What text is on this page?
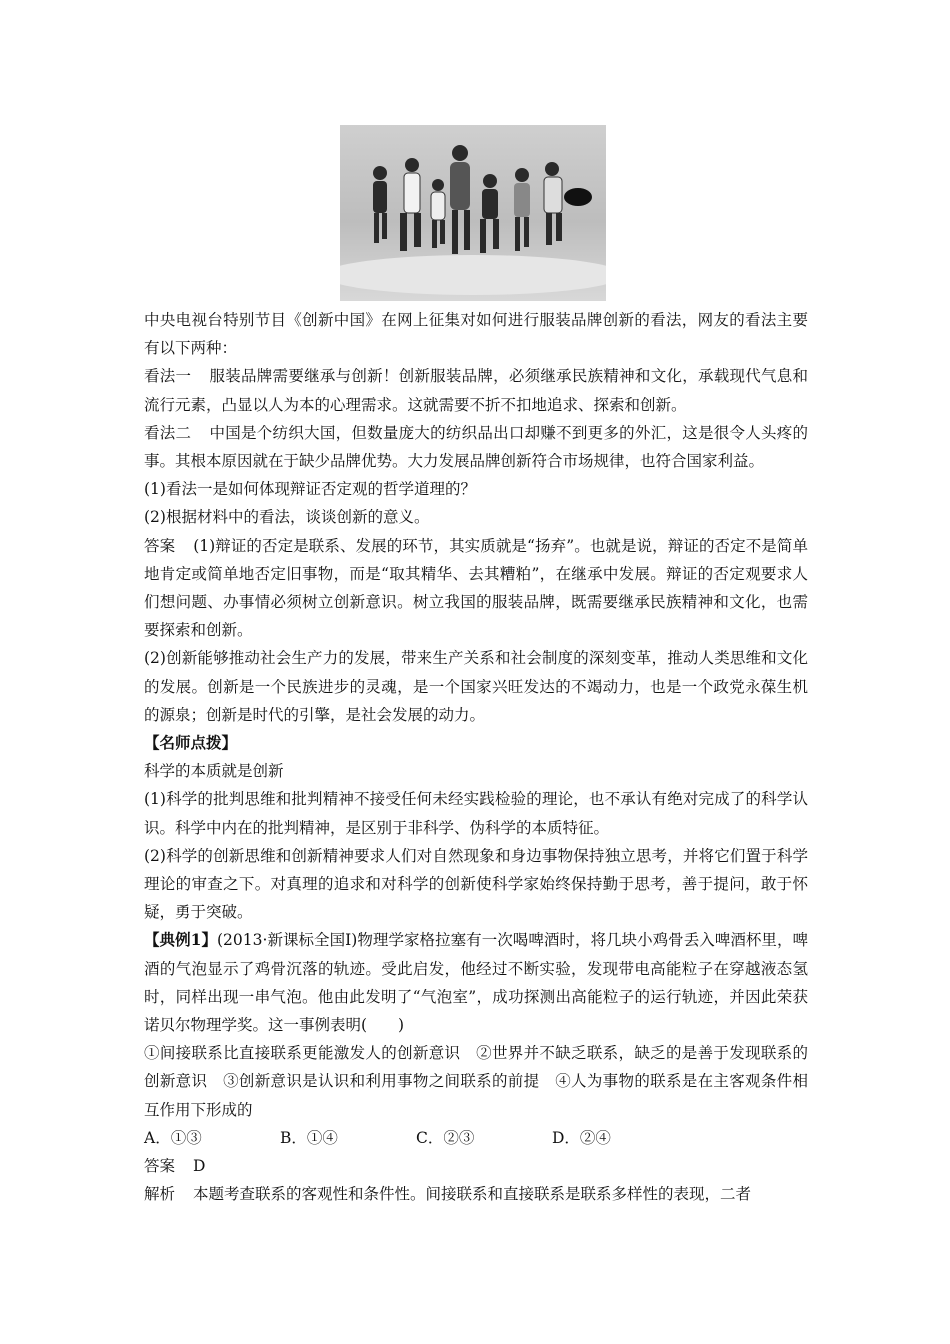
中央电视台特别节目《创新中国》在网上征集对如何进行服装品牌创新的看法，网友的看法主要有以下两种：

看法一 服装品牌需要继承与创新！创新服装品牌，必须继承民族精神和文化，承载现代气息和流行元素，凸显以人为本的心理需求。这就需要不折不扣地追求、探索和创新。

看法二 中国是个纺织大国，但数量庞大的纺织品出口却赚不到更多的外汇，这是很令人头疼的事。其根本原因就在于缺少品牌优势。大力发展品牌创新符合市场规律，也符合国家利益。

(1)看法一是如何体现辩证否定观的哲学道理的？

(2)根据材料中的看法，谈谈创新的意义。

答案 (1)辩证的否定是联系、发展的环节，其实质就是“扬弃”。也就是说，辩证的否定不是简单地肯定或简单地否定旧事物，而是“取其精华、去其糟粕”，在继承中发展。辩证的否定观要求人们想问题、办事情必须树立创新意识。树立我国的服装品牌，既需要继承民族精神和文化，也需要探索和创新。

(2)创新能够推动社会生产力的发展，带来生产关系和社会制度的深刻变革，推动人类思维和文化的发展。创新是一个民族进步的灵魂，是一个国家兴旺发达的不竭动力，也是一个政党永葆生机的源泉；创新是时代的引擎，是社会发展的动力。

【名师点拨】

科学的本质就是创新

(1)科学的批判思维和批判精神不接受任何未经实践检验的理论，也不承认有绝对完成了的科学认识。科学中内在的批判精神，是区别于非科学、伪科学的本质特征。

(2)科学的创新思维和创新精神要求人们对自然现象和身边事物保持独立思考，并将它们置于科学理论的审查之下。对真理的追求和对科学的创新使科学家始终保持勤于思考，善于提问，敢于怀疑，勇于突破。

【典例1】(2013·新课标全国Ⅰ)物理学家格拉塞有一次喝啤酒时，将几块小鸡骨丢入啤酒杯里，啤酒的气泡显示了鸡骨沉落的轨迹。受此启发，他经过不断实验，发现带电高能粒子在穿越液态氢时，同样出现一串气泡。他由此发明了“气泡室”，成功探测出高能粒子的运行轨迹，并因此荣获诺贝尔物理学奖。这一事例表明(　　)

①间接联系比直接联系更能激发人的创新意识　②世界并不缺乏联系，缺乏的是善于发现联系的创新意识　③创新意识是认识和利用事物之间联系的前提　④人为事物的联系是在主客观条件相互作用下形成的

A．①③	B．①④	C．②③	D．②④

答案 D

解析 本题考查联系的客观性和条件性。间接联系和直接联系是联系多样性的表现，二者
